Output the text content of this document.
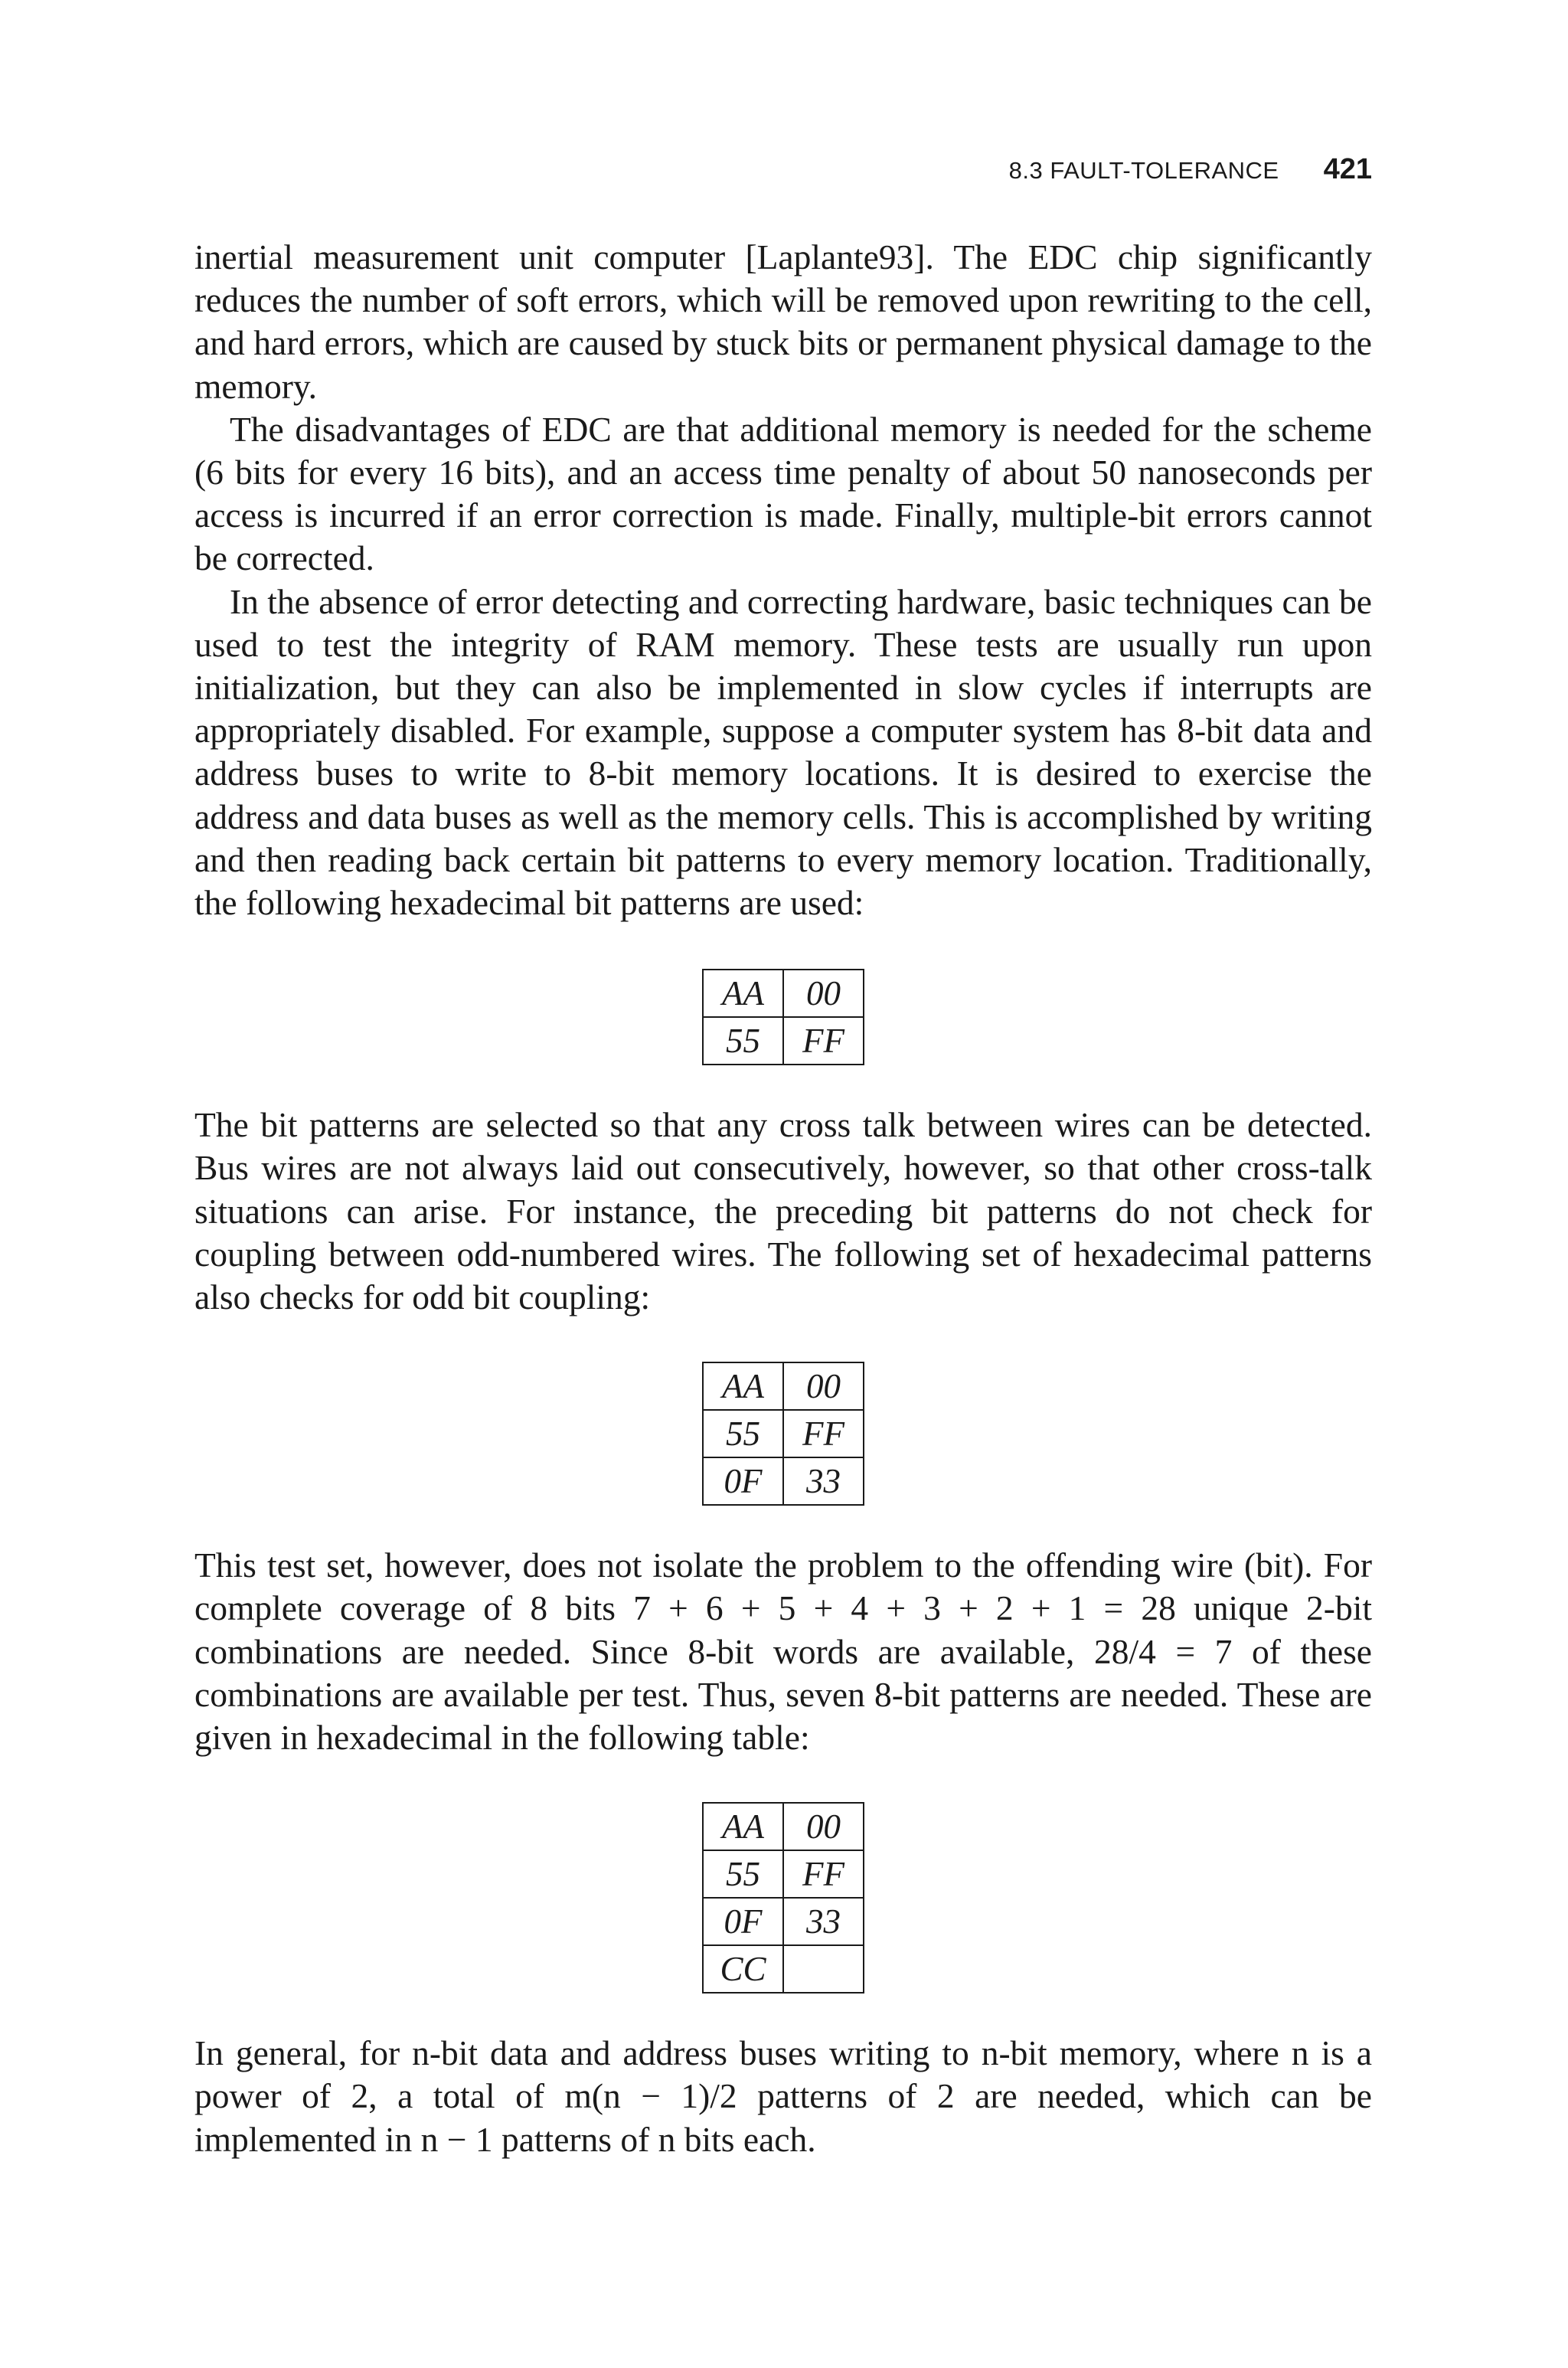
8.3 FAULT-TOLERANCE 421

inertial measurement unit computer [Laplante93]. The EDC chip significantly reduces the number of soft errors, which will be removed upon rewriting to the cell, and hard errors, which are caused by stuck bits or permanent physical damage to the memory.

The disadvantages of EDC are that additional memory is needed for the scheme (6 bits for every 16 bits), and an access time penalty of about 50 nanoseconds per access is incurred if an error correction is made. Finally, multiple-bit errors cannot be corrected.

In the absence of error detecting and correcting hardware, basic techniques can be used to test the integrity of RAM memory. These tests are usually run upon initialization, but they can also be implemented in slow cycles if interrupts are appropriately disabled. For example, suppose a computer system has 8-bit data and address buses to write to 8-bit memory locations. It is desired to exercise the address and data buses as well as the memory cells. This is accomplished by writing and then reading back certain bit patterns to every memory location. Traditionally, the following hexadecimal bit patterns are used:

AA	00
55	FF

The bit patterns are selected so that any cross talk between wires can be detected. Bus wires are not always laid out consecutively, however, so that other cross-talk situations can arise. For instance, the preceding bit patterns do not check for coupling between odd-numbered wires. The following set of hexadecimal patterns also checks for odd bit coupling:

AA	00
55	FF
0F	33

This test set, however, does not isolate the problem to the offending wire (bit). For complete coverage of 8 bits 7 + 6 + 5 + 4 + 3 + 2 + 1 = 28 unique 2-bit combinations are needed. Since 8-bit words are available, 28/4 = 7 of these combinations are available per test. Thus, seven 8-bit patterns are needed. These are given in hexadecimal in the following table:

AA	00
55	FF
0F	33
CC	

In general, for n-bit data and address buses writing to n-bit memory, where n is a power of 2, a total of m(n − 1)/2 patterns of 2 are needed, which can be implemented in n − 1 patterns of n bits each.
